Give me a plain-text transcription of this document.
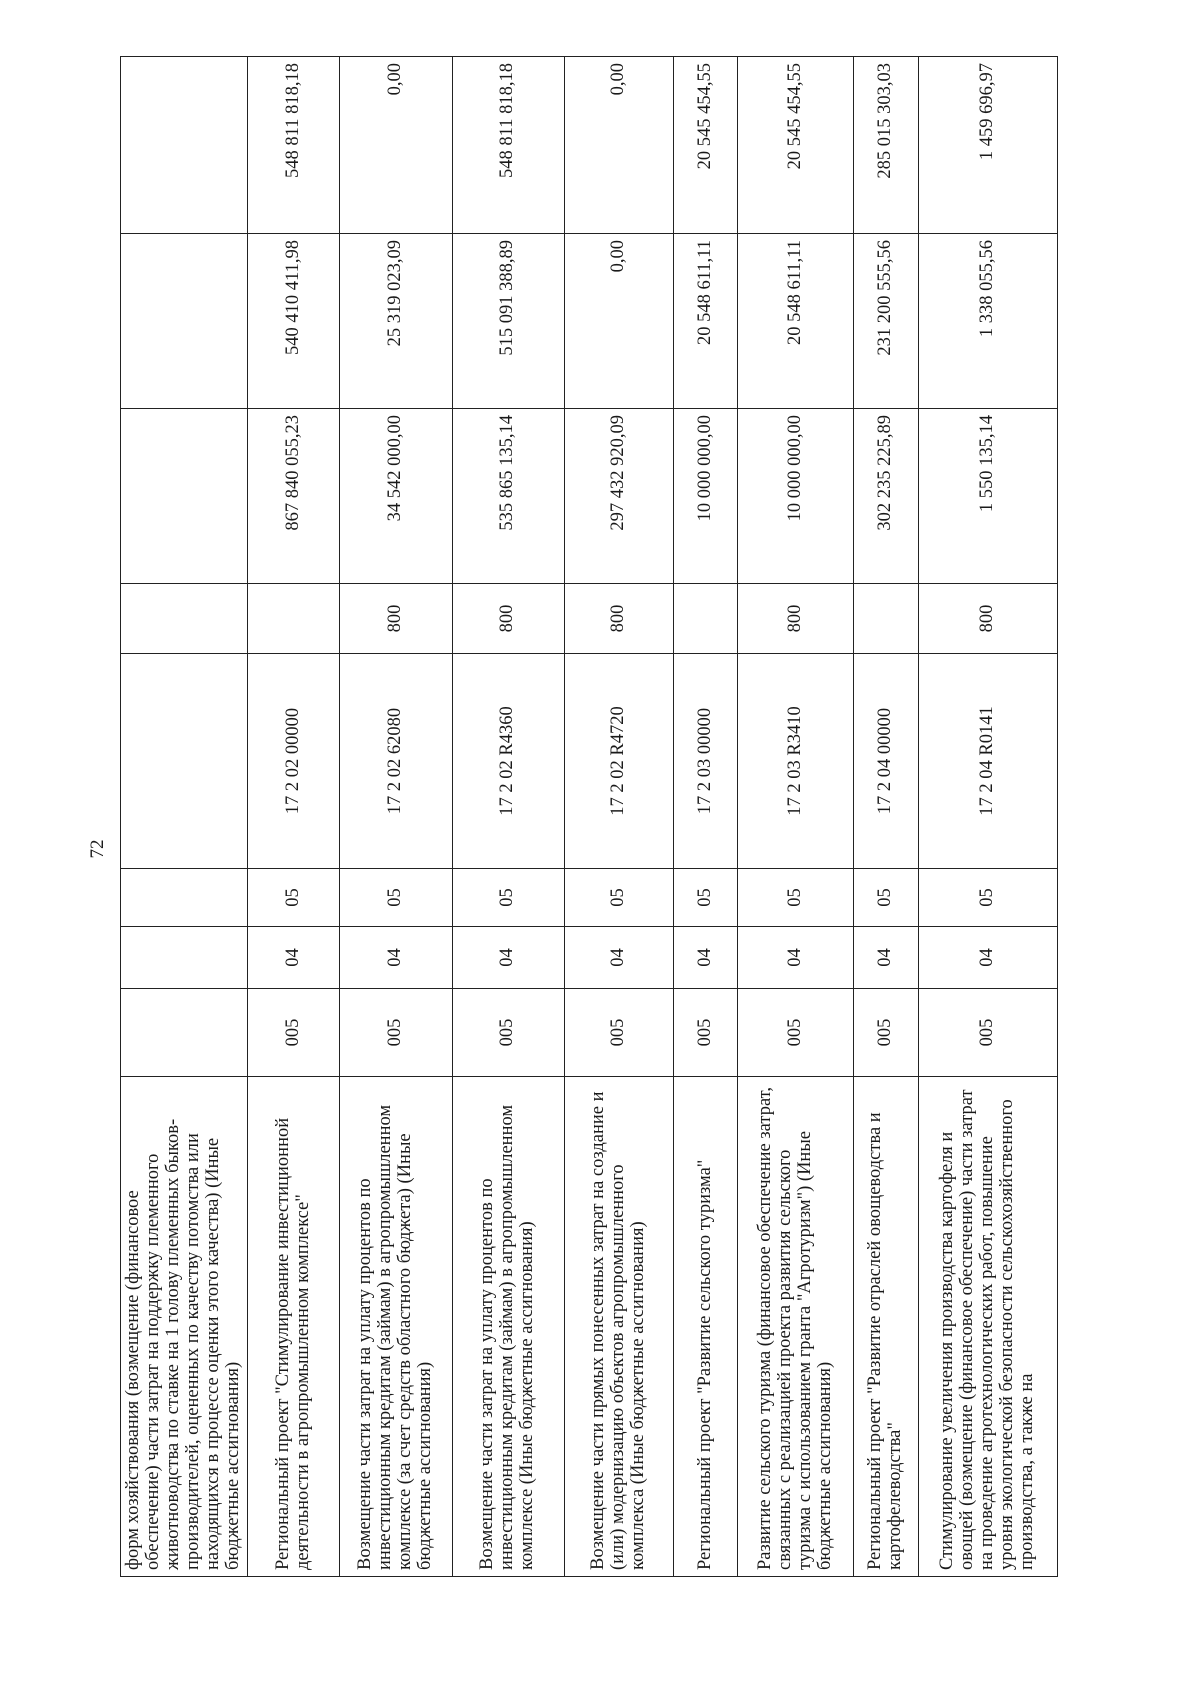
72
форм хозяйствования (возмещение (финансовое обеспечение) части затрат на поддержку племенного животноводства по ставке на 1 голову племенных быков-производителей, оцененных по качеству потомства или находящихся в процессе оценки этого качества) (Иные бюджетные ассигнования)								
Региональный проект "Стимулирование инвестиционной деятельности в агропромышленном комплексе"	005	04	05	17 2 02 00000		867 840 055,23	540 410 411,98	548 811 818,18
Возмещение части затрат на уплату процентов по инвестиционным кредитам (займам) в агропромышленном комплексе (за счет средств областного бюджета) (Иные бюджетные ассигнования)	005	04	05	17 2 02 62080	800	34 542 000,00	25 319 023,09	0,00
Возмещение части затрат на уплату процентов по инвестиционным кредитам (займам) в агропромышленном комплексе (Иные бюджетные ассигнования)	005	04	05	17 2 02 R4360	800	535 865 135,14	515 091 388,89	548 811 818,18
Возмещение части прямых понесенных затрат на создание и (или) модернизацию объектов агропромышленного комплекса (Иные бюджетные ассигнования)	005	04	05	17 2 02 R4720	800	297 432 920,09	0,00	0,00
Региональный проект "Развитие сельского туризма"	005	04	05	17 2 03 00000		10 000 000,00	20 548 611,11	20 545 454,55
Развитие сельского туризма (финансовое обеспечение затрат, связанных с реализацией проекта развития сельского туризма с использованием гранта "Агротуризм") (Иные бюджетные ассигнования)	005	04	05	17 2 03 R3410	800	10 000 000,00	20 548 611,11	20 545 454,55
Региональный проект "Развитие отраслей овощеводства и картофелеводства"	005	04	05	17 2 04 00000		302 235 225,89	231 200 555,56	285 015 303,03
Стимулирование увеличения производства картофеля и овощей (возмещение (финансовое обеспечение) части затрат на проведение агротехнологических работ, повышение уровня экологической безопасности сельскохозяйственного производства, а также на	005	04	05	17 2 04 R0141	800	1 550 135,14	1 338 055,56	1 459 696,97
